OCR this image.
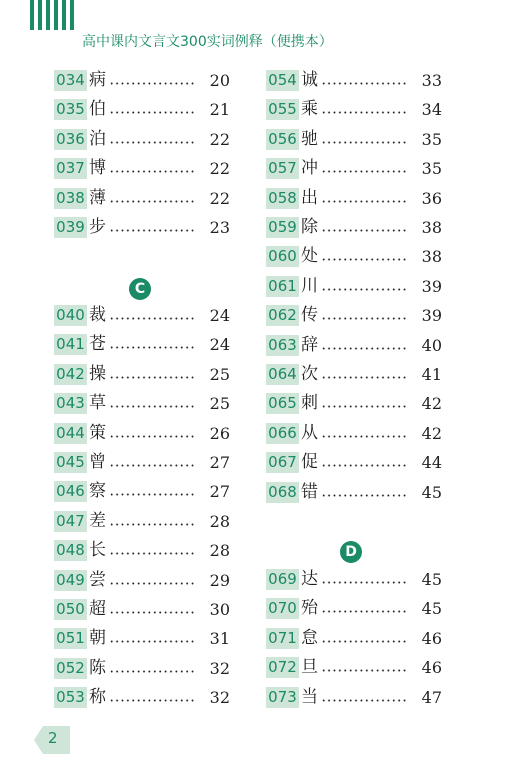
高中课内文言文300实词例释（便携本）
034 病	20
035 伯	21
036 泊	22
037 博	22
038 薄	22
039 步	23
040 裁	24
041 苍	24
042 操	25
043 草	25
044 策	26
045 曾	27
046 察	27
047 差	28
048 长	28
049 尝	29
050 超	30
051 朝	31
052 陈	32
053 称	32
054 诚	33
055 乘	34
056 驰	35
057 冲	35
058 出	36
059 除	38
060 处	38
061 川	39
062 传	39
063 辞	40
064 次	41
065 刺	42
066 从	42
067 促	44
068 错	45
069 达	45
070 殆	45
071 怠	46
072 旦	46
073 当	47
C
D
2
